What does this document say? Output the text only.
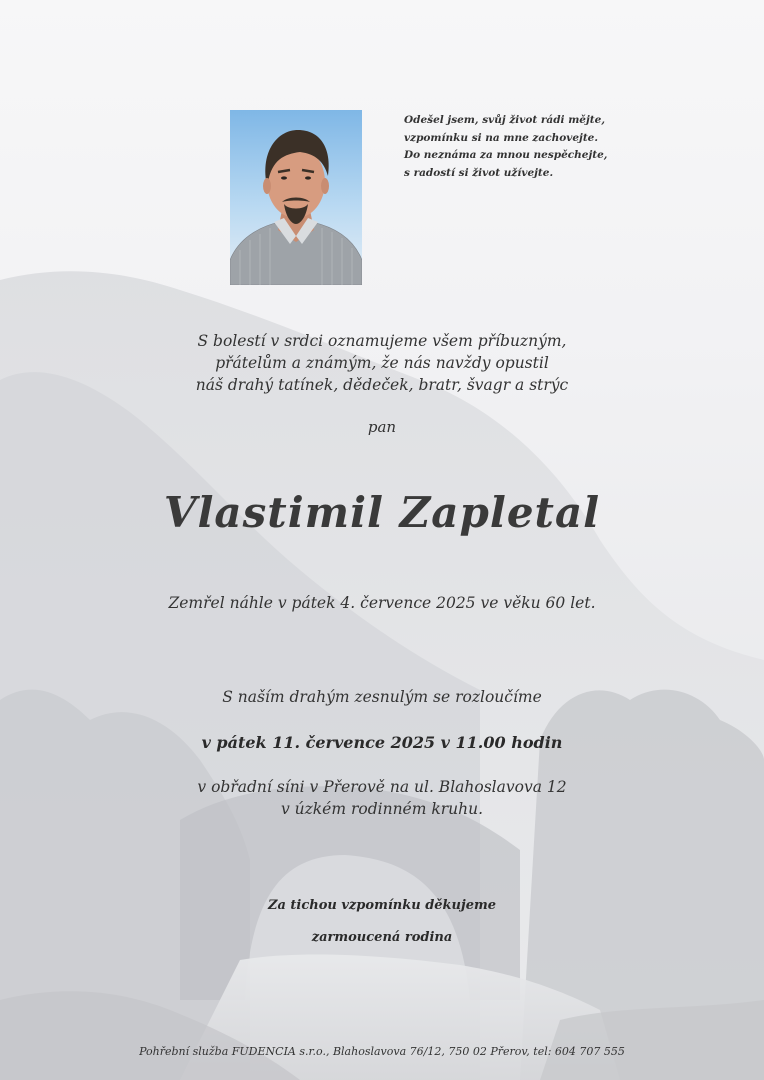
Odešel jsem, svůj život rádi mějte,
vzpomínku si na mne zachovejte.
Do neznáma za mnou nespěchejte,
s radostí si život užívejte.
S bolestí v srdci oznamujeme všem příbuzným,
přátelům a známým, že nás navždy opustil
náš drahý tatínek, dědeček, bratr, švagr a strýc
pan
Vlastimil Zapletal
Zemřel náhle v pátek 4. července 2025 ve věku 60 let.
S naším drahým zesnulým se rozloučíme
v pátek 11. července 2025 v 11.00 hodin
v obřadní síni v Přerově na ul. Blahoslavova 12
v úzkém rodinném kruhu.
Za tichou vzpomínku děkujeme
zarmoucená rodina
Pohřební služba FUDENCIA s.r.o., Blahoslavova 76/12, 750 02 Přerov, tel: 604 707 555
